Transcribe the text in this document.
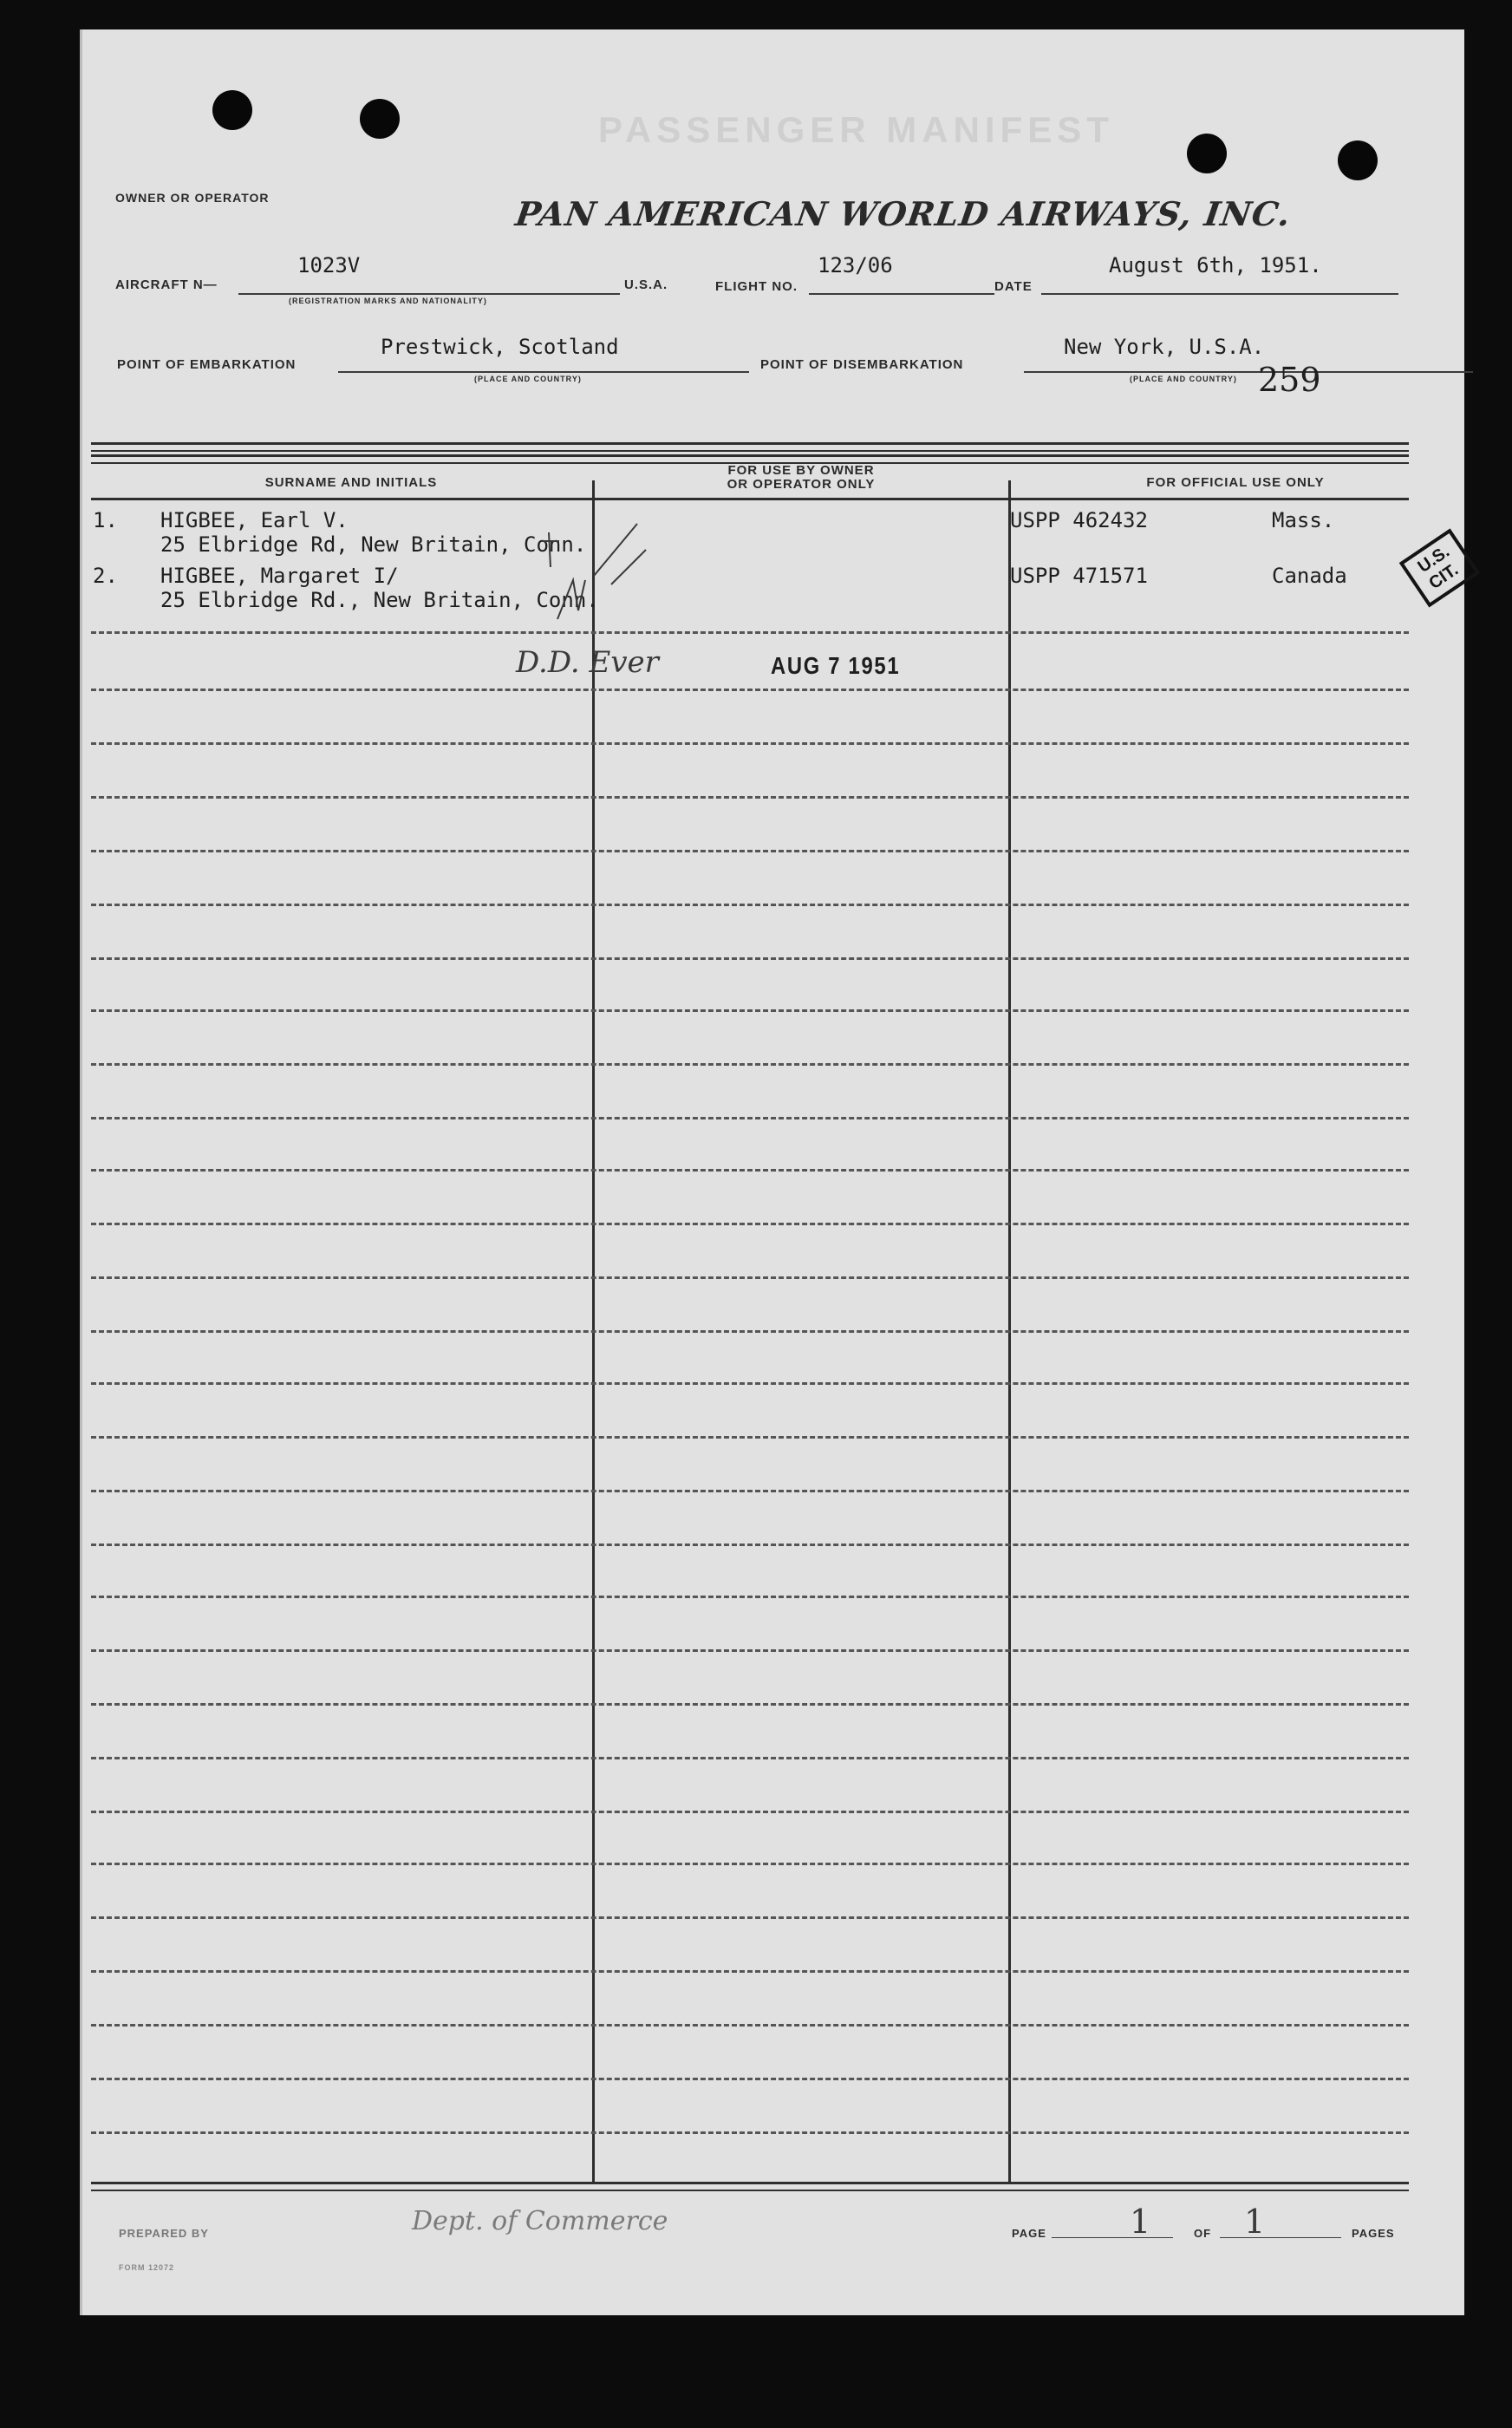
PASSENGER MANIFEST
OWNER OR OPERATOR	PAN AMERICAN WORLD AIRWAYS, INC.
AIRCRAFT N—
1023V
(REGISTRATION MARKS AND NATIONALITY)
U.S.A.	FLIGHT NO.
123/06
DATE
August 6th, 1951.
POINT OF EMBARKATION
Prestwick, Scotland
(PLACE AND COUNTRY)
POINT OF DISEMBARKATION
New York, U.S.A.
(PLACE AND COUNTRY) 259
SURNAME AND INITIALS
FOR USE BY OWNER
OR OPERATOR ONLY	FOR OFFICIAL USE ONLY
1. HIGBEE, Earl V.
25 Elbridge Rd, New Britain, Conn.
USPP 462432	Mass.
2. HIGBEE, Margaret I/
25 Elbridge Rd., New Britain, Conn.
USPP 471571	Canada	U.S. CIT.
D.D. Ever	AUG 7 1951
PREPARED BY	Dept. of Commerce	PAGE	1	OF 1	PAGES
FORM 12072
